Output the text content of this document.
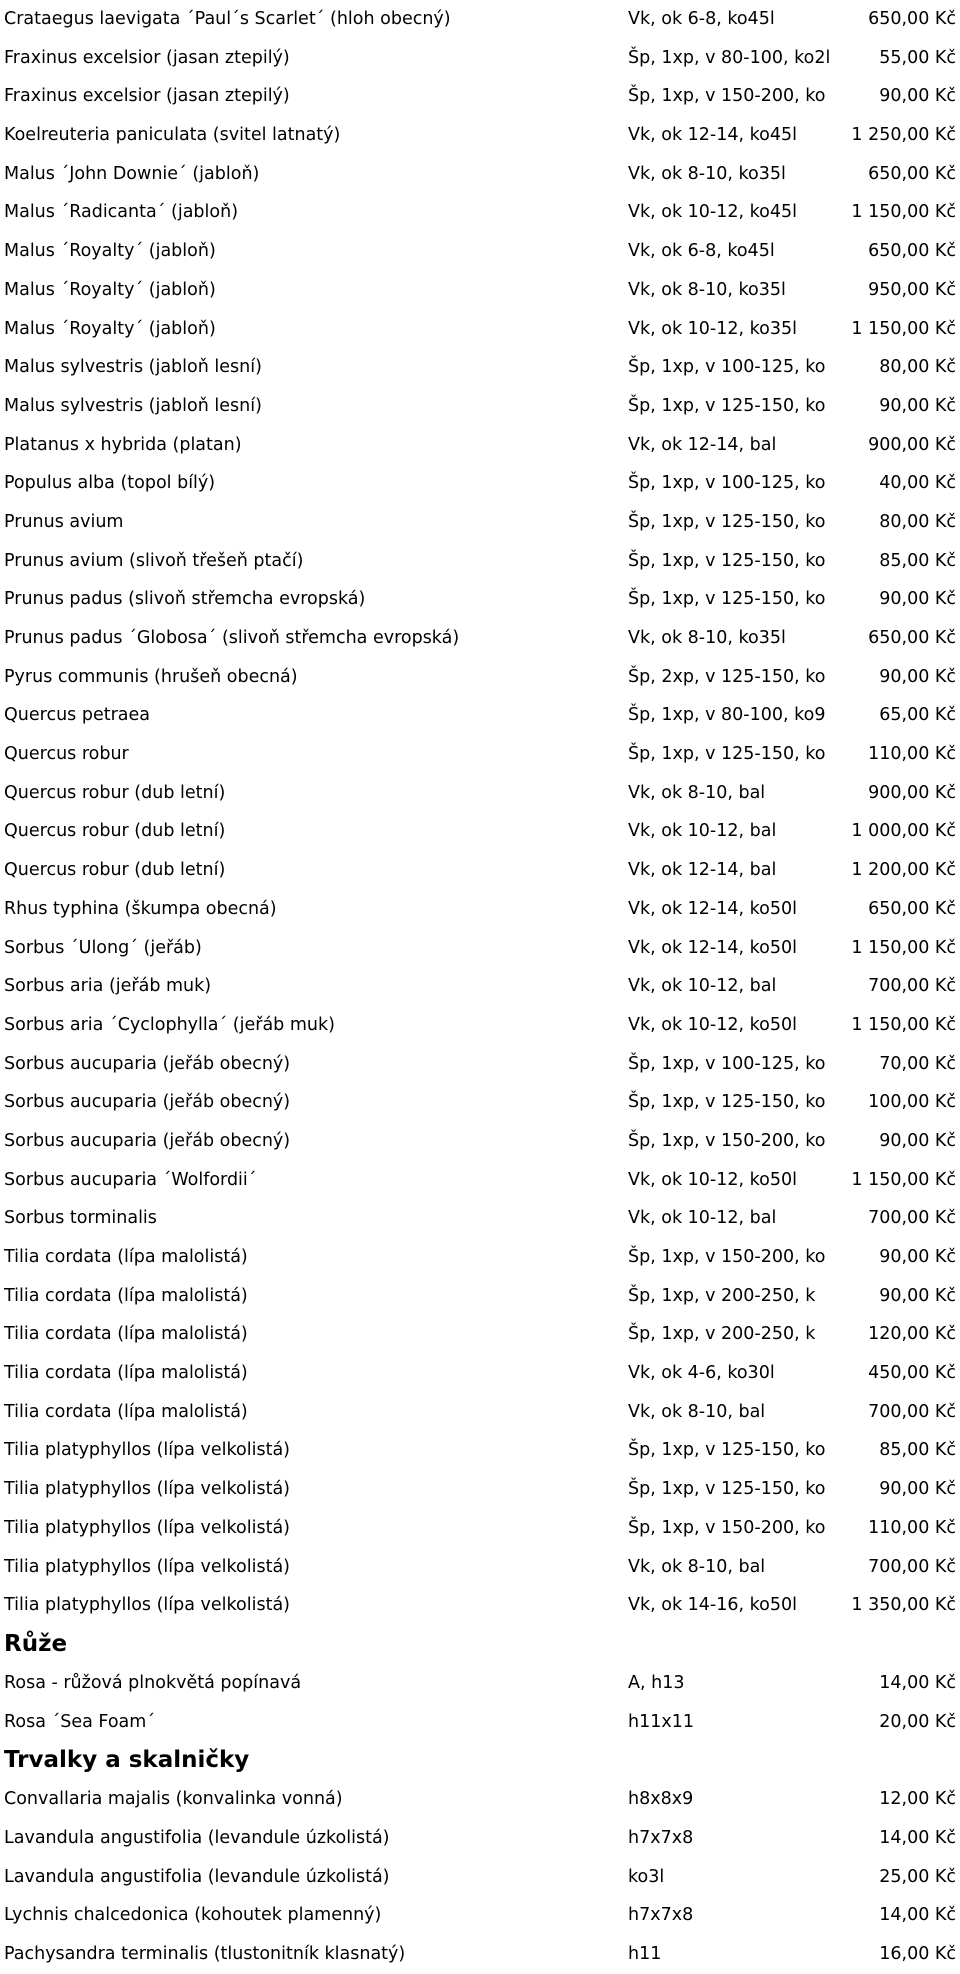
Crataegus laevigata ´Paul´s Scarlet´ (hloh obecný)	Vk, ok 6-8, ko45l	650,00 Kč
Fraxinus excelsior (jasan ztepilý)	Šp, 1xp, v 80-100, ko2l	55,00 Kč
Fraxinus excelsior (jasan ztepilý)	Šp, 1xp, v 150-200, ko	90,00 Kč
Koelreuteria paniculata (svitel latnatý)	Vk, ok 12-14, ko45l	1 250,00 Kč
Malus ´John Downie´ (jabloň)	Vk, ok 8-10, ko35l	650,00 Kč
Malus ´Radicanta´ (jabloň)	Vk, ok 10-12, ko45l	1 150,00 Kč
Malus ´Royalty´ (jabloň)	Vk, ok 6-8, ko45l	650,00 Kč
Malus ´Royalty´ (jabloň)	Vk, ok 8-10, ko35l	950,00 Kč
Malus ´Royalty´ (jabloň)	Vk, ok 10-12, ko35l	1 150,00 Kč
Malus sylvestris (jabloň lesní)	Šp, 1xp, v 100-125, ko	80,00 Kč
Malus sylvestris (jabloň lesní)	Šp, 1xp, v 125-150, ko	90,00 Kč
Platanus x hybrida (platan)	Vk, ok 12-14, bal	900,00 Kč
Populus alba (topol bílý)	Šp, 1xp, v 100-125, ko	40,00 Kč
Prunus avium	Šp, 1xp, v 125-150, ko	80,00 Kč
Prunus avium (slivoň třešeň ptačí)	Šp, 1xp, v 125-150, ko	85,00 Kč
Prunus padus (slivoň střemcha evropská)	Šp, 1xp, v 125-150, ko	90,00 Kč
Prunus padus ´Globosa´ (slivoň střemcha evropská)	Vk, ok 8-10, ko35l	650,00 Kč
Pyrus communis (hrušeň obecná)	Šp, 2xp, v 125-150, ko	90,00 Kč
Quercus petraea	Šp, 1xp, v 80-100, ko9	65,00 Kč
Quercus robur	Šp, 1xp, v 125-150, ko 110,00 Kč
Quercus robur (dub letní)	Vk, ok 8-10, bal	900,00 Kč
Quercus robur (dub letní)	Vk, ok 10-12, bal	1 000,00 Kč
Quercus robur (dub letní)	Vk, ok 12-14, bal	1 200,00 Kč
Rhus typhina (škumpa obecná)	Vk, ok 12-14, ko50l	650,00 Kč
Sorbus ´Ulong´ (jeřáb)	Vk, ok 12-14, ko50l	1 150,00 Kč
Sorbus aria (jeřáb muk)	Vk, ok 10-12, bal	700,00 Kč
Sorbus aria ´Cyclophylla´ (jeřáb muk)	Vk, ok 10-12, ko50l	1 150,00 Kč
Sorbus aucuparia (jeřáb obecný)	Šp, 1xp, v 100-125, ko	70,00 Kč
Sorbus aucuparia (jeřáb obecný)	Šp, 1xp, v 125-150, ko 100,00 Kč
Sorbus aucuparia (jeřáb obecný)	Šp, 1xp, v 150-200, ko	90,00 Kč
Sorbus aucuparia ´Wolfordii´	Vk, ok 10-12, ko50l	1 150,00 Kč
Sorbus torminalis	Vk, ok 10-12, bal	700,00 Kč
Tilia cordata (lípa malolistá)	Šp, 1xp, v 150-200, ko	90,00 Kč
Tilia cordata (lípa malolistá)	Šp, 1xp, v 200-250, k	90,00 Kč
Tilia cordata (lípa malolistá)	Šp, 1xp, v 200-250, k	120,00 Kč
Tilia cordata (lípa malolistá)	Vk, ok 4-6, ko30l	450,00 Kč
Tilia cordata (lípa malolistá)	Vk, ok 8-10, bal	700,00 Kč
Tilia platyphyllos (lípa velkolistá)	Šp, 1xp, v 125-150, ko	85,00 Kč
Tilia platyphyllos (lípa velkolistá)	Šp, 1xp, v 125-150, ko	90,00 Kč
Tilia platyphyllos (lípa velkolistá)	Šp, 1xp, v 150-200, ko 110,00 Kč
Tilia platyphyllos (lípa velkolistá)	Vk, ok 8-10, bal	700,00 Kč
Tilia platyphyllos (lípa velkolistá)	Vk, ok 14-16, ko50l	1 350,00 Kč
Růže
Rosa - růžová plnokvětá popínavá	A, h13	14,00 Kč
Rosa ´Sea Foam´	h11x11	20,00 Kč
Trvalky a skalničky
Convallaria majalis (konvalinka vonná)	h8x8x9	12,00 Kč
Lavandula angustifolia (levandule úzkolistá)	h7x7x8	14,00 Kč
Lavandula angustifolia (levandule úzkolistá)	ko3l	25,00 Kč
Lychnis chalcedonica (kohoutek plamenný)	h7x7x8	14,00 Kč
Pachysandra terminalis (tlustonitník klasnatý)	h11	16,00 Kč
